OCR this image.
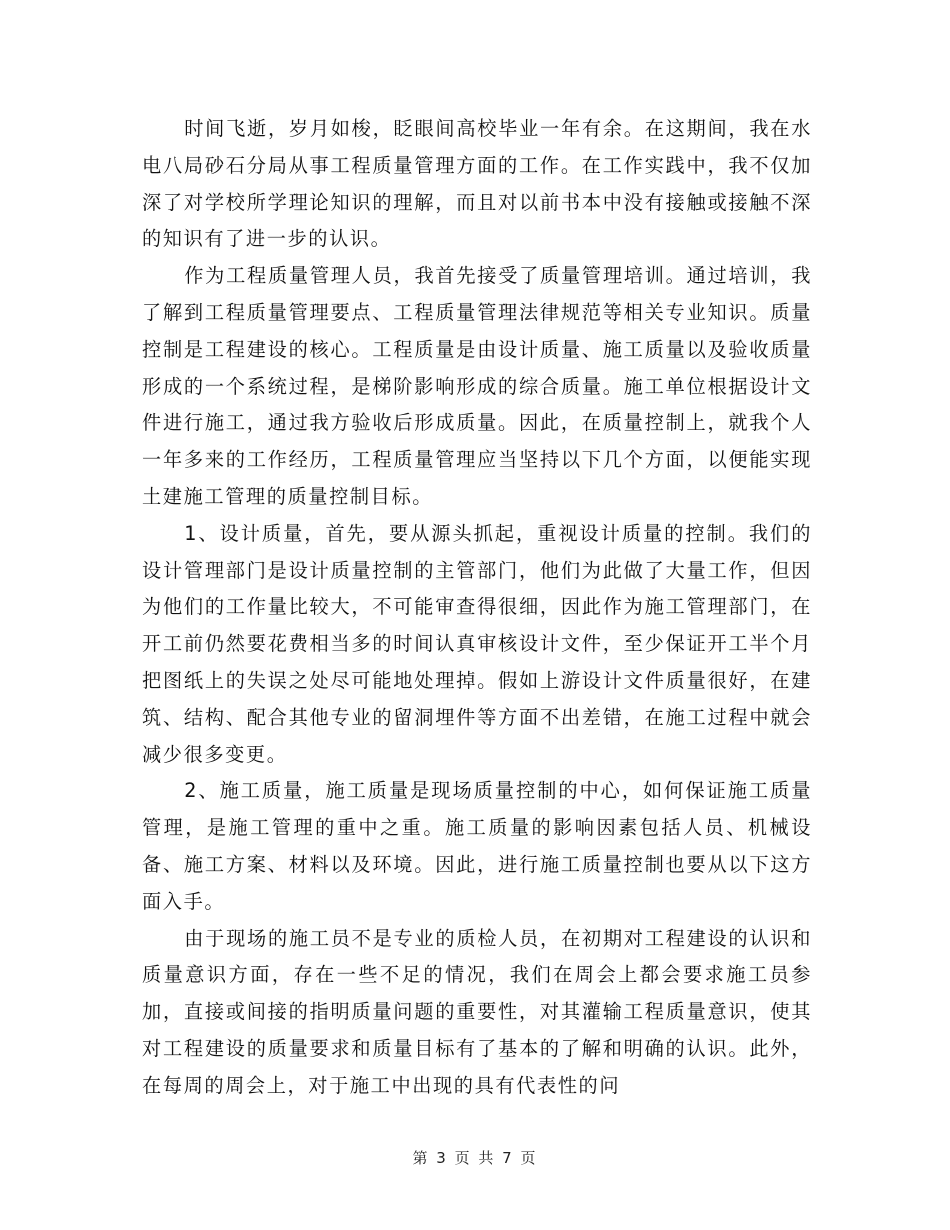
时间飞逝，岁月如梭，眨眼间高校毕业一年有余。在这期间，我在水电八局砂石分局从事工程质量管理方面的工作。在工作实践中，我不仅加深了对学校所学理论知识的理解，而且对以前书本中没有接触或接触不深的知识有了进一步的认识。

作为工程质量管理人员，我首先接受了质量管理培训。通过培训，我了解到工程质量管理要点、工程质量管理法律规范等相关专业知识。质量控制是工程建设的核心。工程质量是由设计质量、施工质量以及验收质量形成的一个系统过程，是梯阶影响形成的综合质量。施工单位根据设计文件进行施工，通过我方验收后形成质量。因此，在质量控制上，就我个人一年多来的工作经历，工程质量管理应当坚持以下几个方面，以便能实现土建施工管理的质量控制目标。

1、设计质量，首先，要从源头抓起，重视设计质量的控制。我们的设计管理部门是设计质量控制的主管部门，他们为此做了大量工作，但因为他们的工作量比较大，不可能审查得很细，因此作为施工管理部门，在开工前仍然要花费相当多的时间认真审核设计文件，至少保证开工半个月把图纸上的失误之处尽可能地处理掉。假如上游设计文件质量很好，在建筑、结构、配合其他专业的留洞埋件等方面不出差错，在施工过程中就会减少很多变更。

2、施工质量，施工质量是现场质量控制的中心，如何保证施工质量管理，是施工管理的重中之重。施工质量的影响因素包括人员、机械设备、施工方案、材料以及环境。因此，进行施工质量控制也要从以下这方面入手。

由于现场的施工员不是专业的质检人员，在初期对工程建设的认识和质量意识方面，存在一些不足的情况，我们在周会上都会要求施工员参加，直接或间接的指明质量问题的重要性，对其灌输工程质量意识，使其对工程建设的质量要求和质量目标有了基本的了解和明确的认识。此外，在每周的周会上，对于施工中出现的具有代表性的问

第 3 页 共 7 页
